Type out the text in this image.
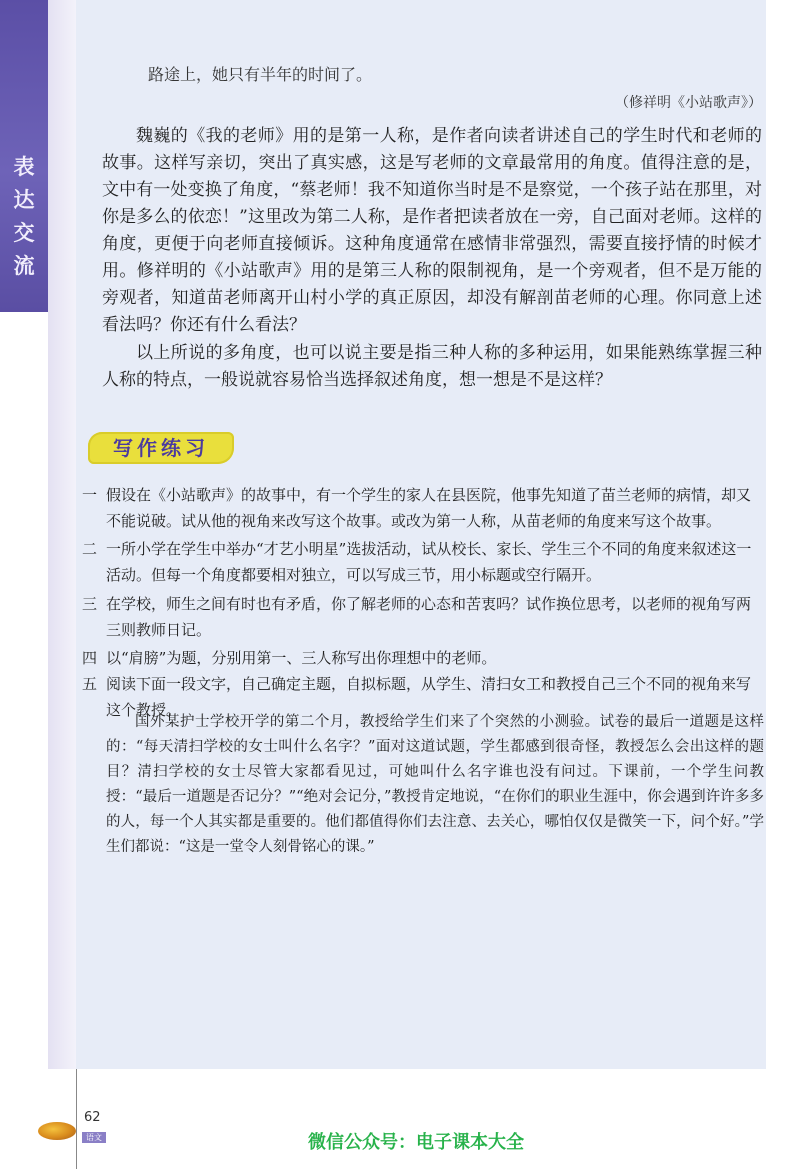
表达交流
路途上，她只有半年的时间了。
（修祥明《小站歌声》）
魏巍的《我的老师》用的是第一人称，是作者向读者讲述自己的学生时代和老师的故事。这样写亲切，突出了真实感，这是写老师的文章最常用的角度。值得注意的是，文中有一处变换了角度，“蔡老师！我不知道你当时是不是察觉，一个孩子站在那里，对你是多么的依恋！”这里改为第二人称，是作者把读者放在一旁，自己面对老师。这样的角度，更便于向老师直接倾诉。这种角度通常在感情非常强烈，需要直接抒情的时候才用。修祥明的《小站歌声》用的是第三人称的限制视角，是一个旁观者，但不是万能的旁观者，知道苗老师离开山村小学的真正原因，却没有解剖苗老师的心理。你同意上述看法吗？你还有什么看法？
以上所说的多角度，也可以说主要是指三种人称的多种运用，如果能熟练掌握三种人称的特点，一般说就容易恰当选择叙述角度，想一想是不是这样？
写作练习
一 假设在《小站歌声》的故事中，有一个学生的家人在县医院，他事先知道了苗兰老师的病情，却又不能说破。试从他的视角来改写这个故事。或改为第一人称，从苗老师的角度来写这个故事。
二 一所小学在学生中举办“才艺小明星”选拔活动，试从校长、家长、学生三个不同的角度来叙述这一活动。但每一个角度都要相对独立，可以写成三节，用小标题或空行隔开。
三 在学校，师生之间有时也有矛盾，你了解老师的心态和苦衷吗？试作换位思考，以老师的视角写两三则教师日记。
四 以“肩膀”为题，分别用第一、三人称写出你理想中的老师。
五 阅读下面一段文字，自己确定主题，自拟标题，从学生、清扫女工和教授自己三个不同的视角来写这个教授。
国外某护士学校开学的第二个月，教授给学生们来了个突然的小测验。试卷的最后一道题是这样的：“每天清扫学校的女士叫什么名字？”面对这道试题，学生都感到很奇怪，教授怎么会出这样的题目？清扫学校的女士尽管大家都看见过，可她叫什么名字谁也没有问过。下课前，一个学生问教授：“最后一道题是否记分？”“绝对会记分，”教授肯定地说，“在你们的职业生涯中，你会遇到许许多多的人，每一个人其实都是重要的。他们都值得你们去注意、去关心，哪怕仅仅是微笑一下，问个好。”学生们都说：“这是一堂令人刻骨铭心的课。”
62
语文	微信公众号：电子课本大全
